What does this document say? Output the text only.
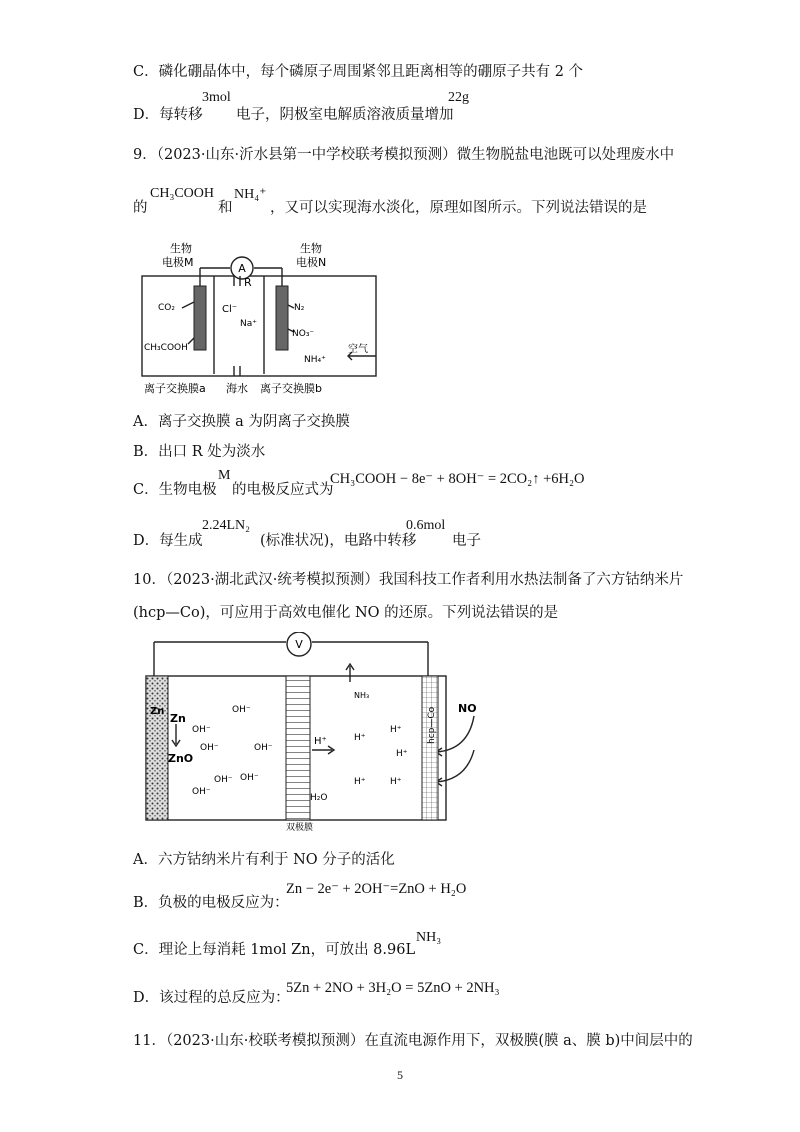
C．磷化硼晶体中，每个磷原子周围紧邻且距离相等的硼原子共有 2 个
D．每转移
3mol
电子，阴极室电解质溶液质量增加
22g
9．（2023·山东·沂水县第一中学校联考模拟预测）微生物脱盐电池既可以处理废水中
的
CH₃COOH
和
NH₄⁺
，又可以实现海水淡化，原理如图所示。下列说法错误的是
A
生物
电极M
生物
电极N
R
CO₂
CH₃COOH
Cl⁻
Na⁺
N₂
NO₃⁻
NH₄⁺
空气
离子交换膜a 海水 离子交换膜b
A．离子交换膜 a 为阴离子交换膜
B．出口 R 处为淡水
C．生物电极
M
的电极反应式为
CH₃COOH − 8e⁻ + 8OH⁻ = 2CO₂↑ +6H₂O
D．每生成
2.24LN₂
(标准状况)，电路中转移
0.6mol
电子
10．（2023·湖北武汉·统考模拟预测）我国科技工作者利用水热法制备了六方钴纳米片
(hcp—Co)，可应用于高效电催化 NO 的还原。下列说法错误的是
V
Zn
Zn
ZnO
OH⁻
OH⁻
OH⁻	OH⁻
OH⁻ OH⁻
OH⁻
NH₃
H⁺
H⁺
H⁺
H⁺	H⁺
H⁺
H₂O
hcp—Co NO
双极膜
A．六方钴纳米片有利于 NO 分子的活化
B．负极的电极反应为：
Zn − 2e⁻ + 2OH⁻=ZnO + H₂O
C．理论上每消耗 1mol Zn，可放出 8.96L
NH₃
D．该过程的总反应为：
5Zn + 2NO + 3H₂O = 5ZnO + 2NH₃
11．（2023·山东·校联考模拟预测）在直流电源作用下，双极膜(膜 a、膜 b)中间层中的
5
